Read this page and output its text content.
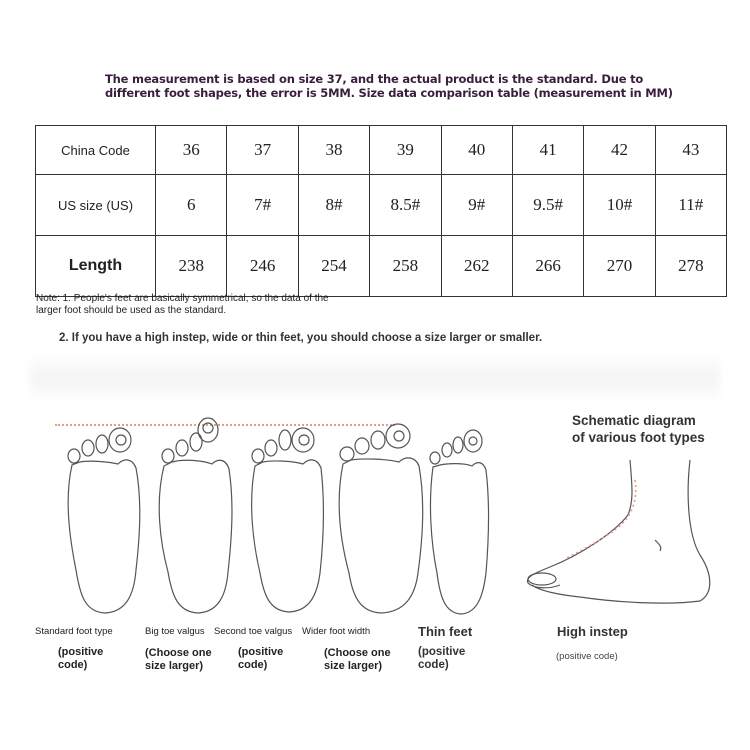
The measurement is based on size 37, and the actual product is the standard. Due to
different foot shapes, the error is 5MM. Size data comparison table (measurement in MM)
China Code	36	37	38	39	40	41	42	43
US size (US)	6	7#	8#	8.5#	9#	9.5#	10#	11#
Length	238	246	254	258	262	266	270	278
Note: 1. People's feet are basically symmetrical, so the data of the
larger foot should be used as the standard.
2. If you have a high instep, wide or thin feet, you should choose a size larger or smaller.
Schematic diagram
of various foot types
Standard foot type	Big toe valgus Second toe valgus Wider foot width	Thin feet	High instep
(positive
code)
(Choose one
size larger)
(positive
code)
(Choose one
size larger)
(positive
code)
(positive code)
